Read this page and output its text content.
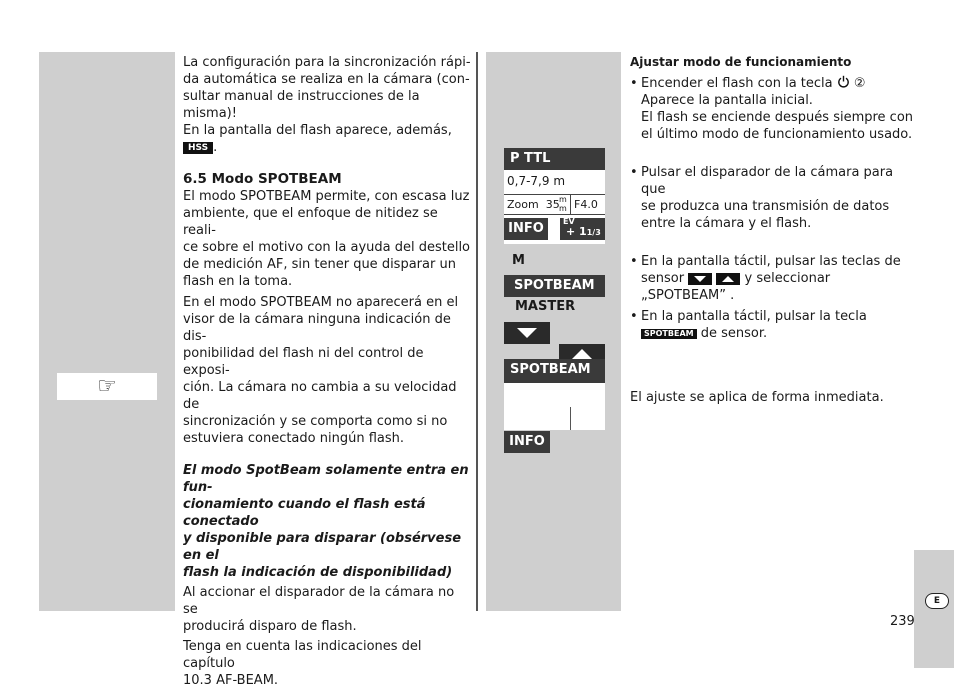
☞
La configuración para la sincronización rápi-
da automática se realiza en la cámara (con-
sultar manual de instrucciones de la misma)!
En la pantalla del flash aparece, además,
HSS .
6.5 Modo SPOTBEAM
El modo SPOTBEAM permite, con escasa luz
ambiente, que el enfoque de nitidez se reali-
ce sobre el motivo con la ayuda del destello
de medición AF, sin tener que disparar un
flash en la toma.
En el modo SPOTBEAM no aparecerá en el
visor de la cámara ninguna indicación de dis-
ponibilidad del flash ni del control de exposi-
ción. La cámara no cambia a su velocidad de
sincronización y se comporta como si no
estuviera conectado ningún flash.
El modo SpotBeam solamente entra en fun-
cionamiento cuando el flash está conectado
y disponible para disparar (obsérvese en el
flash la indicación de disponibilidad)
Al accionar el disparador de la cámara no se
producirá disparo de flash.
Tenga en cuenta las indicaciones del capítulo
10.3 AF-BEAM.
P TTL
0,7-7,9 m
Zoom 35 m
m F4.0
INFO	EV
+ 11/3
M
SPOTBEAM
MASTER
SPOTBEAM
INFO
Ajustar modo de funcionamiento
• Encender el flash con la tecla ②
Aparece la pantalla inicial.
El flash se enciende después siempre con
el último modo de funcionamiento usado.
• Pulsar el disparador de la cámara para que
se produzca una transmisión de datos
entre la cámara y el flash.
• En la pantalla táctil, pulsar las teclas de
sensor	y seleccionar
„SPOTBEAM” .
• En la pantalla táctil, pulsar la tecla
SPOTBEAM de sensor.
El ajuste se aplica de forma inmediata.
E
239
